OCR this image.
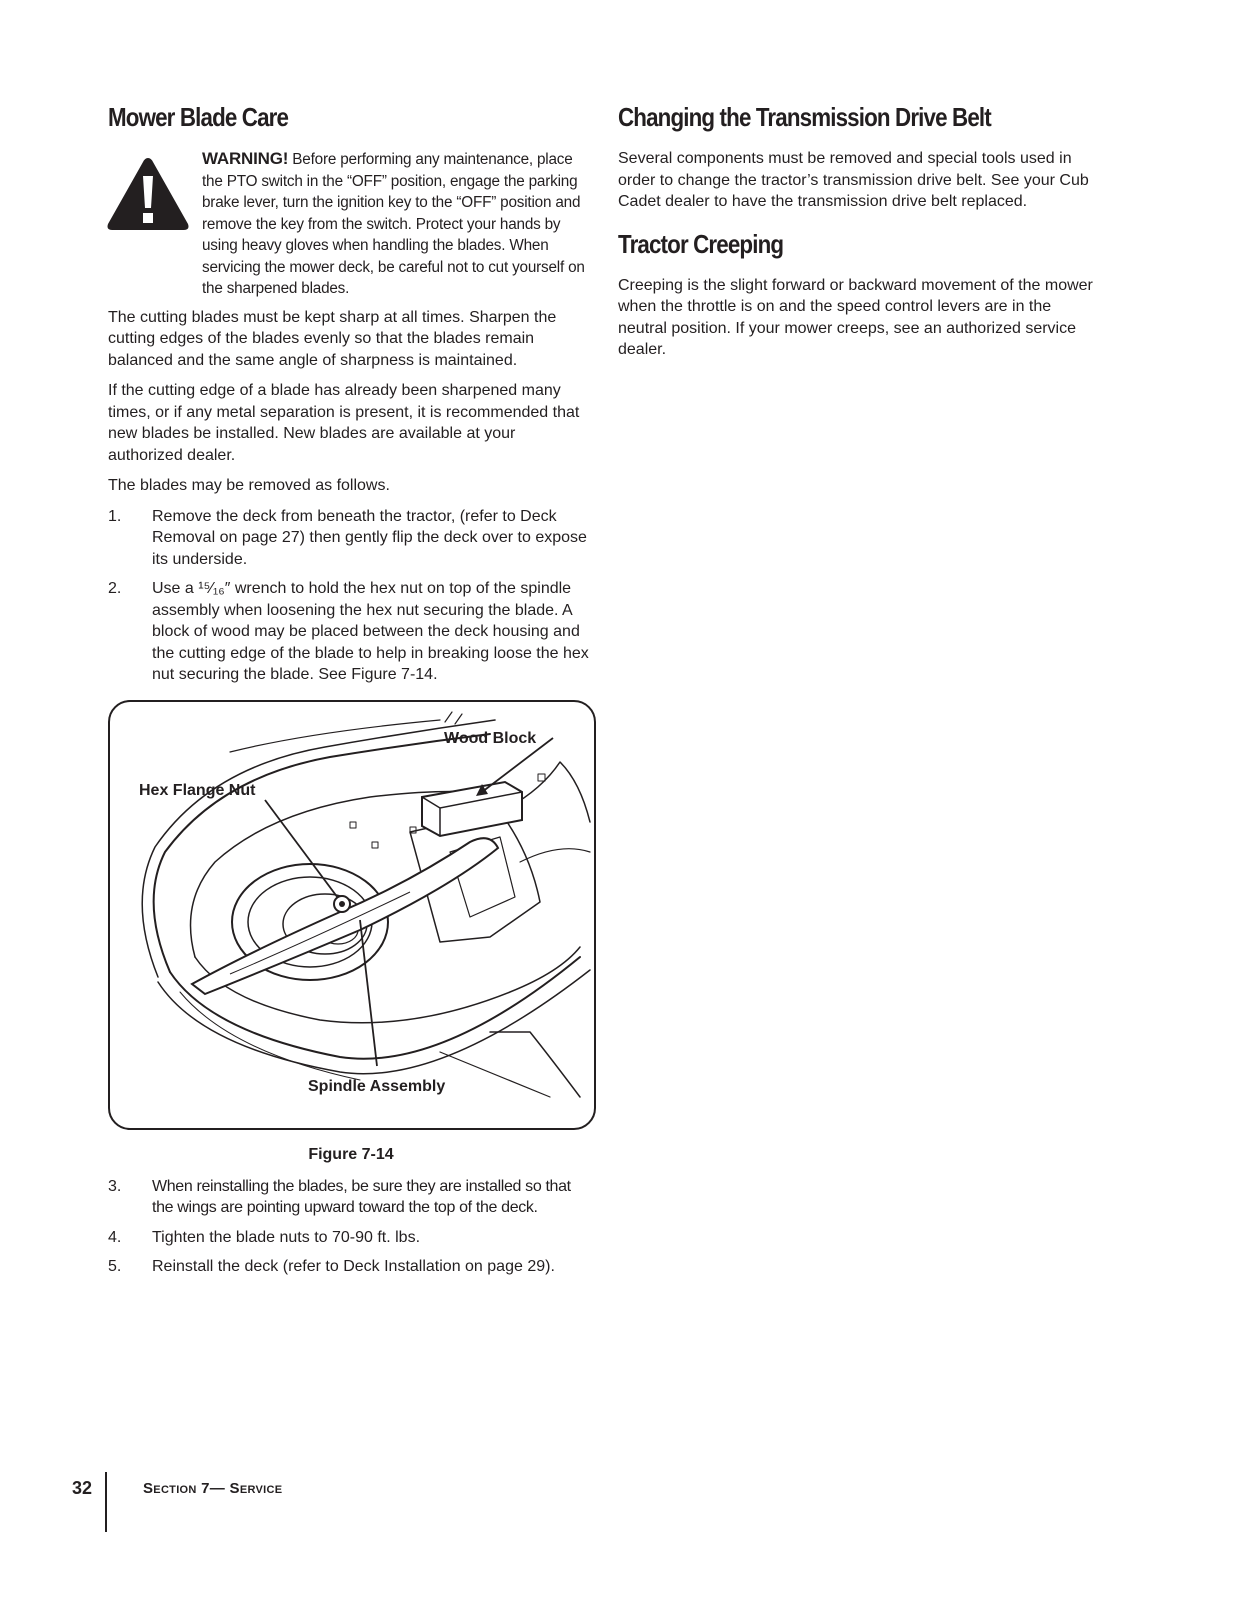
Mower Blade Care
WARNING! Before performing any maintenance, place the PTO switch in the “OFF” position, engage the parking brake lever, turn the ignition key to the “OFF” position and remove the key from the switch. Protect your hands by using heavy gloves when handling the blades. When servicing the mower deck, be careful not to cut yourself on the sharpened blades.

The cutting blades must be kept sharp at all times. Sharpen the cutting edges of the blades evenly so that the blades remain balanced and the same angle of sharpness is maintained.

If the cutting edge of a blade has already been sharpened many times, or if any metal separation is present, it is recommended that new blades be installed. New blades are available at your authorized dealer.

The blades may be removed as follows.

1.	Remove the deck from beneath the tractor, (refer to Deck Removal on page 27) then gently flip the deck over to expose its underside.
2.	Use a ¹⁵⁄₁₆″ wrench to hold the hex nut on top of the spindle assembly when loosening the hex nut securing the blade. A block of wood may be placed between the deck housing and the cutting edge of the blade to help in breaking loose the hex nut securing the blade. See Figure 7-14.
Wood Block
Hex Flange Nut
Spindle Assembly
Figure 7-14
3.	When reinstalling the blades, be sure they are installed so that the wings are pointing upward toward the top of the deck.
4.	Tighten the blade nuts to 70-90 ft. lbs.
5.	Reinstall the deck (refer to Deck Installation on page 29).
Changing the Transmission Drive Belt

Several components must be removed and special tools used in order to change the tractor’s transmission drive belt. See your Cub Cadet dealer to have the transmission drive belt replaced.

Tractor Creeping

Creeping is the slight forward or backward movement of the mower when the throttle is on and the speed control levers are in the neutral position. If your mower creeps, see an authorized service dealer.

32	Section 7— Service
